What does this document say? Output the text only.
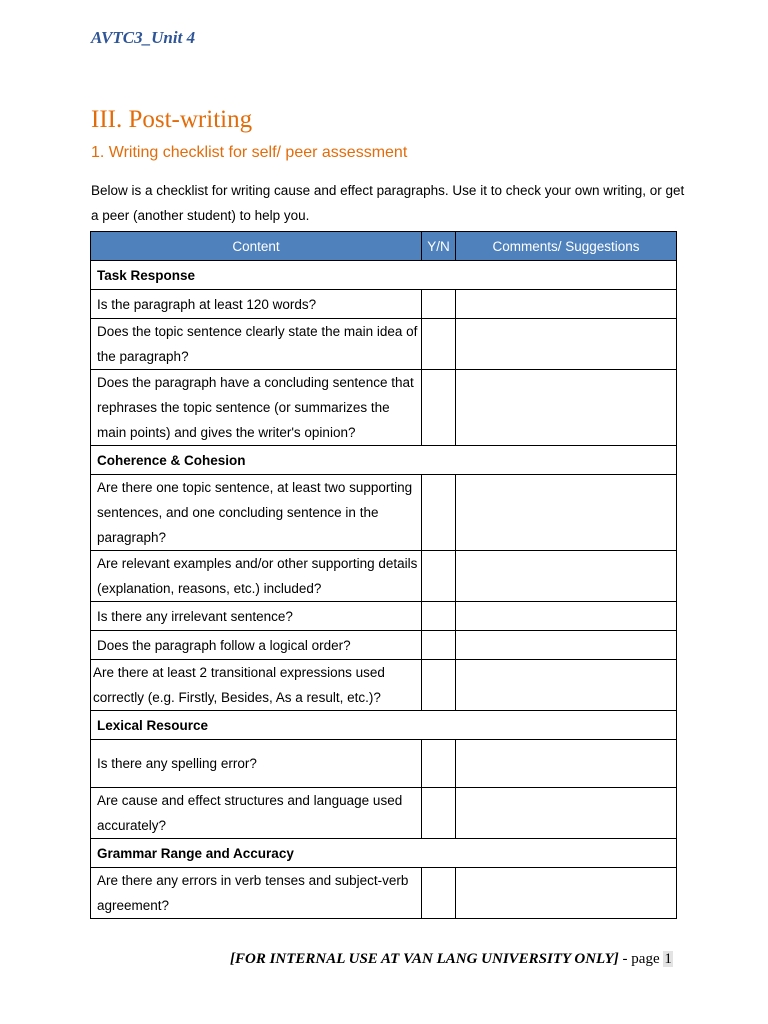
AVTC3_Unit 4
III. Post-writing
1. Writing checklist for self/ peer assessment
Below is a checklist for writing cause and effect paragraphs. Use it to check your own writing, or get a peer (another student) to help you.
Content	Y/N	Comments/ Suggestions
Task Response		
Is the paragraph at least 120 words?		
Does the topic sentence clearly state the main idea of the paragraph?		
Does the paragraph have a concluding sentence that rephrases the topic sentence (or summarizes the main points) and gives the writer's opinion?		
Coherence & Cohesion		
Are there one topic sentence, at least two supporting sentences, and one concluding sentence in the paragraph?		
Are relevant examples and/or other supporting details (explanation, reasons, etc.) included?		
Is there any irrelevant sentence?		
Does the paragraph follow a logical order?		
Are there at least 2 transitional expressions used correctly (e.g. Firstly, Besides, As a result, etc.)?		
Lexical Resource		
Is there any spelling error?		
Are cause and effect structures and language used accurately?		
Grammar Range and Accuracy		
Are there any errors in verb tenses and subject-verb agreement?		
[FOR INTERNAL USE AT VAN LANG UNIVERSITY ONLY] - page 1
